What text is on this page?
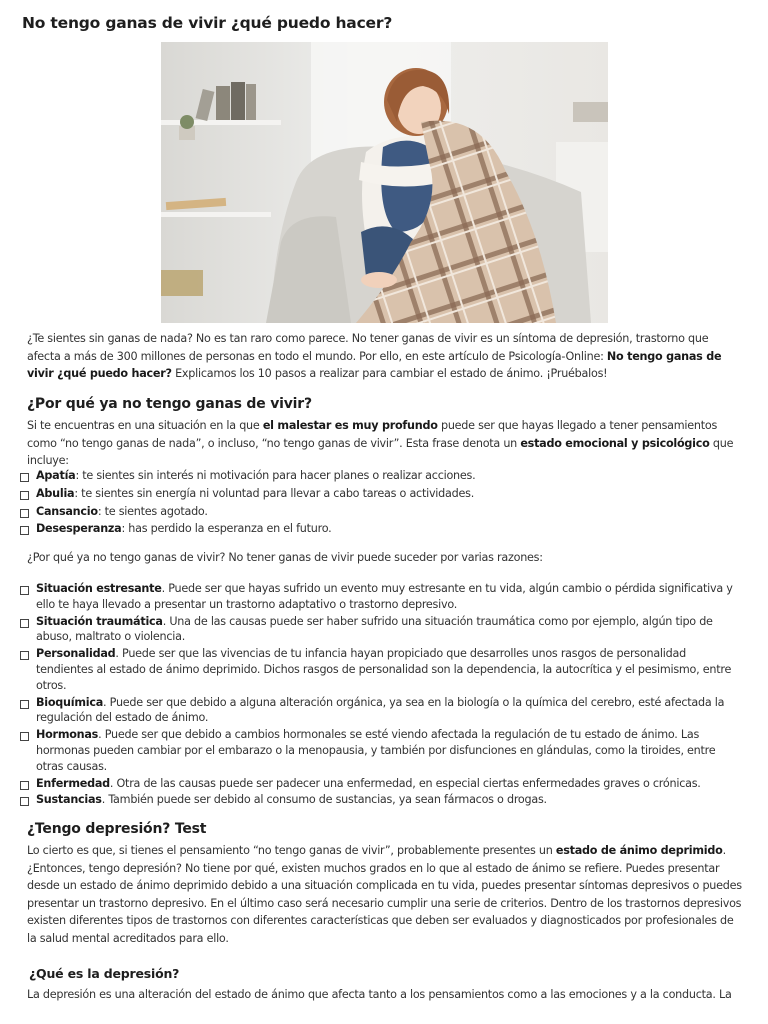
No tengo ganas de vivir ¿qué puedo hacer?

¿Te sientes sin ganas de nada? No es tan raro como parece. No tener ganas de vivir es un síntoma de depresión, trastorno que afecta a más de 300 millones de personas en todo el mundo. Por ello, en este artículo de Psicología-Online: No tengo ganas de vivir ¿qué puedo hacer? Explicamos los 10 pasos a realizar para cambiar el estado de ánimo. ¡Pruébalos!

¿Por qué ya no tengo ganas de vivir?

Si te encuentras en una situación en la que el malestar es muy profundo puede ser que hayas llegado a tener pensamientos como “no tengo ganas de nada”, o incluso, “no tengo ganas de vivir”. Esta frase denota un estado emocional y psicológico que incluye:

Apatía: te sientes sin interés ni motivación para hacer planes o realizar acciones.
Abulia: te sientes sin energía ni voluntad para llevar a cabo tareas o actividades.
Cansancio: te sientes agotado.
Desesperanza: has perdido la esperanza en el futuro.

¿Por qué ya no tengo ganas de vivir? No tener ganas de vivir puede suceder por varias razones:

Situación estresante. Puede ser que hayas sufrido un evento muy estresante en tu vida, algún cambio o pérdida significativa y ello te haya llevado a presentar un trastorno adaptativo o trastorno depresivo.
Situación traumática. Una de las causas puede ser haber sufrido una situación traumática como por ejemplo, algún tipo de abuso, maltrato o violencia.
Personalidad. Puede ser que las vivencias de tu infancia hayan propiciado que desarrolles unos rasgos de personalidad tendientes al estado de ánimo deprimido. Dichos rasgos de personalidad son la dependencia, la autocrítica y el pesimismo, entre otros.
Bioquímica. Puede ser que debido a alguna alteración orgánica, ya sea en la biología o la química del cerebro, esté afectada la regulación del estado de ánimo.
Hormonas. Puede ser que debido a cambios hormonales se esté viendo afectada la regulación de tu estado de ánimo. Las hormonas pueden cambiar por el embarazo o la menopausia, y también por disfunciones en glándulas, como la tiroides, entre otras causas.
Enfermedad. Otra de las causas puede ser padecer una enfermedad, en especial ciertas enfermedades graves o crónicas.
Sustancias. También puede ser debido al consumo de sustancias, ya sean fármacos o drogas.
¿Tengo depresión? Test

Lo cierto es que, si tienes el pensamiento “no tengo ganas de vivir”, probablemente presentes un estado de ánimo deprimido. ¿Entonces, tengo depresión? No tiene por qué, existen muchos grados en lo que al estado de ánimo se refiere. Puedes presentar desde un estado de ánimo deprimido debido a una situación complicada en tu vida, puedes presentar síntomas depresivos o puedes presentar un trastorno depresivo. En el último caso será necesario cumplir una serie de criterios. Dentro de los trastornos depresivos existen diferentes tipos de trastornos con diferentes características que deben ser evaluados y diagnosticados por profesionales de la salud mental acreditados para ello.

¿Qué es la depresión?

La depresión es una alteración del estado de ánimo que afecta tanto a los pensamientos como a las emociones y a la conducta. La
